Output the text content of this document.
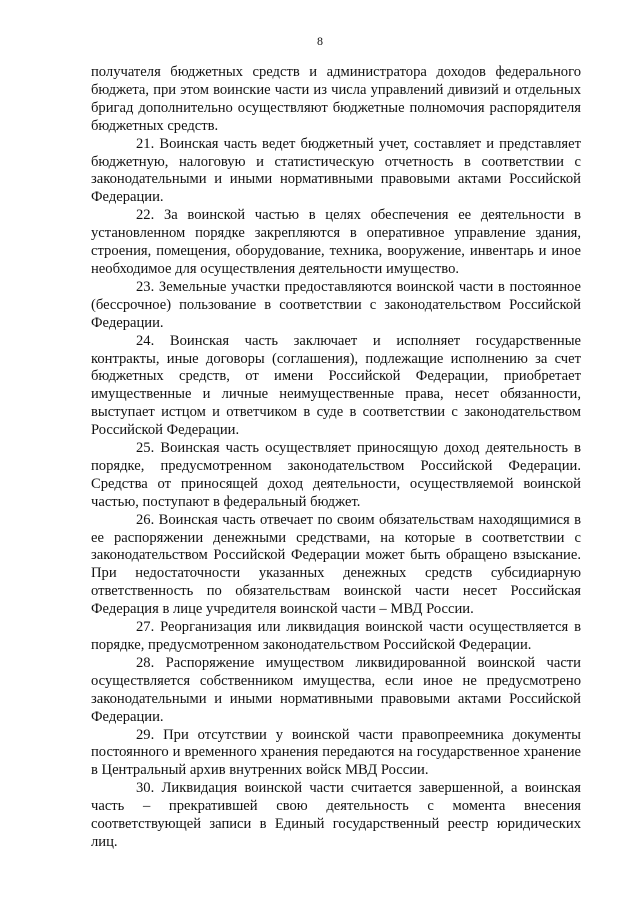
8

получателя бюджетных средств и администратора доходов федерального бюджета, при этом воинские части из числа управлений дивизий и отдельных бригад дополнительно осуществляют бюджетные полномочия распорядителя бюджетных средств.

21. Воинская часть ведет бюджетный учет, составляет и представляет бюджетную, налоговую и статистическую отчетность в соответствии с законодательными и иными нормативными правовыми актами Российской Федерации.

22. За воинской частью в целях обеспечения ее деятельности в установленном порядке закрепляются в оперативное управление здания, строения, помещения, оборудование, техника, вооружение, инвентарь и иное необходимое для осуществления деятельности имущество.

23. Земельные участки предоставляются воинской части в постоянное (бессрочное) пользование в соответствии с законодательством Российской Федерации.

24. Воинская часть заключает и исполняет государственные контракты, иные договоры (соглашения), подлежащие исполнению за счет бюджетных средств, от имени Российской Федерации, приобретает имущественные и личные неимущественные права, несет обязанности, выступает истцом и ответчиком в суде в соответствии с законодательством Российской Федерации.

25. Воинская часть осуществляет приносящую доход деятельность в порядке, предусмотренном законодательством Российской Федерации. Средства от приносящей доход деятельности, осуществляемой воинской частью, поступают в федеральный бюджет.

26. Воинская часть отвечает по своим обязательствам находящимися в ее распоряжении денежными средствами, на которые в соответствии с законодательством Российской Федерации может быть обращено взыскание. При недостаточности указанных денежных средств субсидиарную ответственность по обязательствам воинской части несет Российская Федерация в лице учредителя воинской части – МВД России.

27. Реорганизация или ликвидация воинской части осуществляется в порядке, предусмотренном законодательством Российской Федерации.

28. Распоряжение имуществом ликвидированной воинской части осуществляется собственником имущества, если иное не предусмотрено законодательными и иными нормативными правовыми актами Российской Федерации.

29. При отсутствии у воинской части правопреемника документы постоянного и временного хранения передаются на государственное хранение в Центральный архив внутренних войск МВД России.

30. Ликвидация воинской части считается завершенной, а воинская часть – прекратившей свою деятельность с момента внесения соответствующей записи в Единый государственный реестр юридических лиц.
